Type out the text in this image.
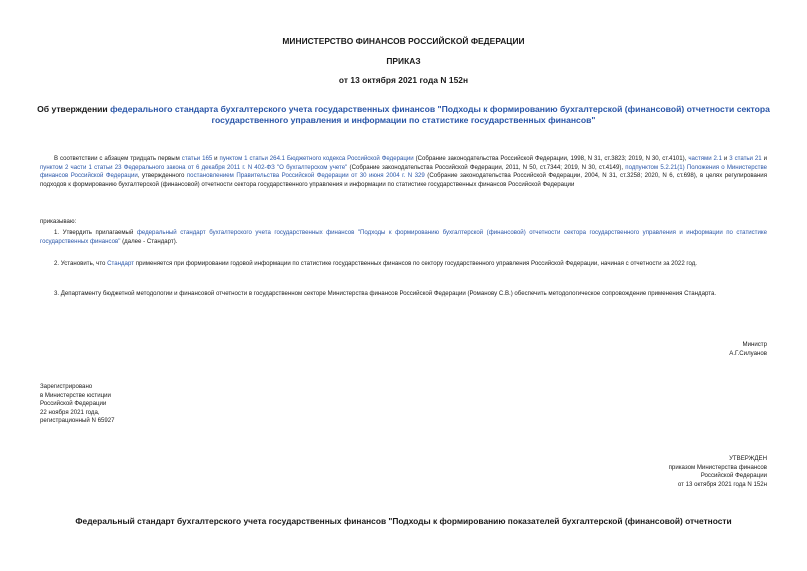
МИНИСТЕРСТВО ФИНАНСОВ РОССИЙСКОЙ ФЕДЕРАЦИИ
ПРИКАЗ
от 13 октября 2021 года N 152н
Об утверждении федерального стандарта бухгалтерского учета государственных финансов "Подходы к формированию бухгалтерской (финансовой) отчетности сектора государственного управления и информации по статистике государственных финансов"
В соответствии с абзацем тридцать первым статьи 165 и пунктом 1 статьи 264.1 Бюджетного кодекса Российской Федерации (Собрание законодательства Российской Федерации, 1998, N 31, ст.3823; 2019, N 30, ст.4101), частями 2.1 и 3 статьи 21 и пунктом 2 части 1 статьи 23 Федерального закона от 6 декабря 2011 г. N 402-ФЗ "О бухгалтерском учете" (Собрание законодательства Российской Федерации, 2011, N 50, ст.7344; 2019, N 30, ст.4149), подпунктом 5.2.21(1) Положения о Министерстве финансов Российской Федерации, утвержденного постановлением Правительства Российской Федерации от 30 июня 2004 г. N 329 (Собрание законодательства Российской Федерации, 2004, N 31, ст.3258; 2020, N 6, ст.698), в целях регулирования подходов к формированию бухгалтерской (финансовой) отчетности сектора государственного управления и информации по статистике государственных финансов Российской Федерации
приказываю:
1. Утвердить прилагаемый федеральный стандарт бухгалтерского учета государственных финансов "Подходы к формированию бухгалтерской (финансовой) отчетности сектора государственного управления и информации по статистике государственных финансов" (далее - Стандарт).
2. Установить, что Стандарт применяется при формировании годовой информации по статистике государственных финансов по сектору государственного управления Российской Федерации, начиная с отчетности за 2022 год.
3. Департаменту бюджетной методологии и финансовой отчетности в государственном секторе Министерства финансов Российской Федерации (Романову С.В.) обеспечить методологическое сопровождение применения Стандарта.
Министр
А.Г.Силуанов
Зарегистрировано
в Министерстве юстиции
Российской Федерации
22 ноября 2021 года,
регистрационный N 65927
УТВЕРЖДЕН
приказом Министерства финансов
Российской Федерации
от 13 октября 2021 года N 152н
Федеральный стандарт бухгалтерского учета государственных финансов "Подходы к формированию показателей бухгалтерской (финансовой) отчетности
